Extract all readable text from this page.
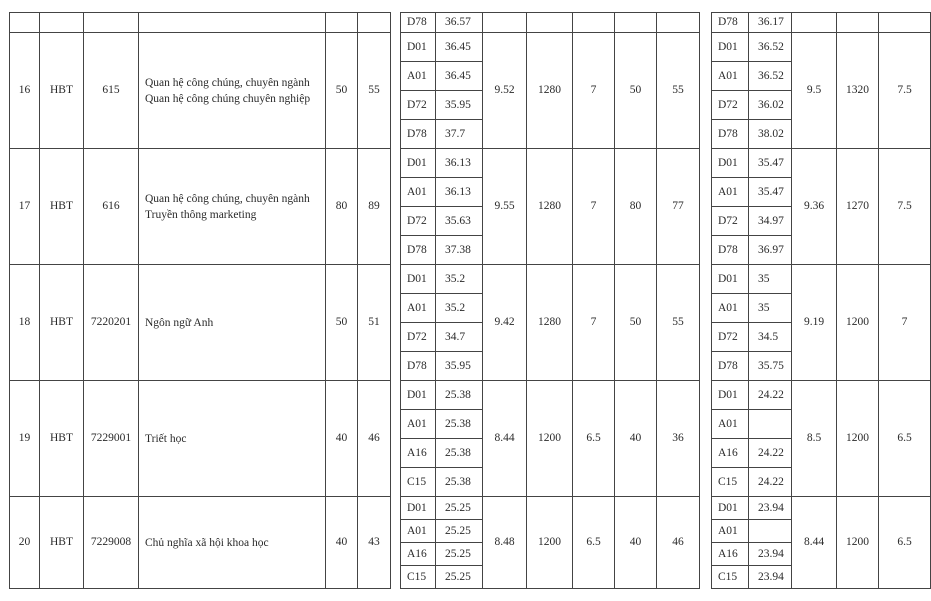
							D78	36.57							D78	36.17			
16	HBT	615	Quan hệ công chúng, chuyên ngành Quan hệ công chúng chuyên nghiệp	50	55		D01	36.45	9.52	1280	7	50	55		D01	36.52	9.5	1320	7.5
							A01	36.45							A01	36.52			
							D72	35.95							D72	36.02			
							D78	37.7							D78	38.02			
17	HBT	616	Quan hệ công chúng, chuyên ngành Truyền thông marketing	80	89		D01	36.13	9.55	1280	7	80	77		D01	35.47	9.36	1270	7.5
							A01	36.13							A01	35.47			
							D72	35.63							D72	34.97			
							D78	37.38							D78	36.97			
18	HBT	7220201	Ngôn ngữ Anh	50	51		D01	35.2	9.42	1280	7	50	55		D01	35	9.19	1200	7
							A01	35.2							A01	35			
							D72	34.7							D72	34.5			
							D78	35.95							D78	35.75			
19	HBT	7229001	Triết học	40	46		D01	25.38	8.44	1200	6.5	40	36		D01	24.22	8.5	1200	6.5
							A01	25.38							A01				
							A16	25.38							A16	24.22			
							C15	25.38							C15	24.22			
20	HBT	7229008	Chủ nghĩa xã hội khoa học	40	43		D01	25.25	8.48	1200	6.5	40	46		D01	23.94	8.44	1200	6.5
							A01	25.25							A01				
							A16	25.25							A16	23.94			
							C15	25.25							C15	23.94			
